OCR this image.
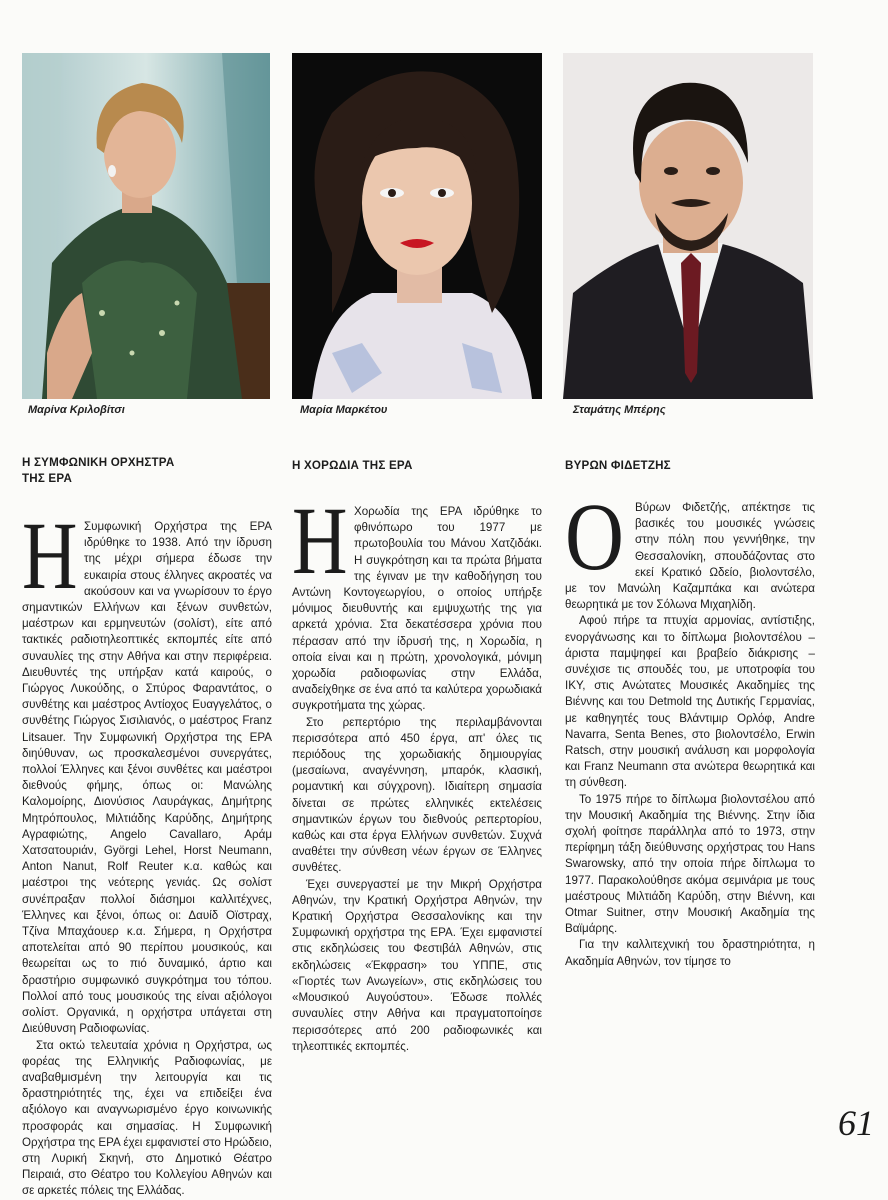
Μαρίνα Κριλοβίτσι	Μαρία Μαρκέτου	Σταμάτης Μπέρης
Η ΣΥΜΦΩΝΙΚΗ ΟΡΧΗΣΤΡΑ
ΤΗΣ ΕΡΑ

Η Συμφωνική Ορχήστρα της ΕΡΑ ιδρύθηκε το 1938. Από την ίδρυση της μέχρι σήμερα έδωσε την ευκαιρία στους έλληνες ακροατές να ακούσουν και να γνωρίσουν το έργο σημαντικών Ελλήνων και ξένων συνθετών, μαέστρων και ερμηνευτών (σολίστ), είτε από τακτικές ραδιοτηλεοπτικές εκπομπές είτε από συναυλίες της στην Αθήνα και στην περιφέρεια. Διευθυντές της υπήρξαν κατά καιρούς, ο Γιώργος Λυκούδης, ο Σπύρος Φαραντάτος, ο συνθέτης και μαέστρος Αντίοχος Ευαγγελάτος, ο συνθέτης Γιώργος Σισιλιανός, ο μαέστρος Franz Litsauer. Την Συμφωνική Ορχήστρα της ΕΡΑ διηύθυναν, ως προσκαλεσμένοι συνεργάτες, πολλοί Έλληνες και ξένοι συνθέτες και μαέστροι διεθνούς φήμης, όπως οι: Μανώλης Καλομοίρης, Διονύσιος Λαυράγκας, Δημήτρης Μητρόπουλος, Μιλτιάδης Καρύδης, Δημήτρης Αγραφιώτης, Angelo Cavallaro, Αράμ Χατσατουριάν, Györgi Lehel, Horst Neumann, Anton Nanut, Rolf Reuter κ.α. καθώς και μαέστροι της νεότερης γενιάς. Ως σολίστ συνέπραξαν πολλοί διάσημοι καλλιτέχνες, Έλληνες και ξένοι, όπως οι: Δαυίδ Οϊστραχ, Τζίνα Μπαχάουερ κ.α. Σήμερα, η Ορχήστρα αποτελείται από 90 περίπου μουσικούς, και θεωρείται ως το πιό δυναμικό, άρτιο και δραστήριο συμφωνικό συγκρότημα του τόπου. Πολλοί από τους μουσικούς της είναι αξιόλογοι σολίστ. Οργανικά, η ορχήστρα υπάγεται στη Διεύθυνση Ραδιοφωνίας.

Στα οκτώ τελευταία χρόνια η Ορχήστρα, ως φορέας της Ελληνικής Ραδιοφωνίας, με αναβαθμισμένη την λειτουργία και τις δραστηριότητές της, έχει να επιδείξει ένα αξιόλογο και αναγνωρισμένο έργο κοινωνικής προσφοράς και σημασίας. Η Συμφωνική Ορχήστρα της ΕΡΑ έχει εμφανιστεί στο Ηρώδειο, στη Λυρική Σκηνή, στο Δημοτικό Θέατρο Πειραιά, στο Θέατρο του Κολλεγίου Αθηνών και σε αρκετές πόλεις της Ελλάδας.

Η ΧΟΡΩΔΙΑ ΤΗΣ ΕΡΑ

Η Χορωδία της ΕΡΑ ιδρύθηκε το φθινόπωρο του 1977 με πρωτοβουλία του Μάνου Χατζιδάκι. Η συγκρότηση και τα πρώτα βήματα της έγιναν με την καθοδήγηση του Αντώνη Κοντογεωργίου, ο οποίος υπήρξε μόνιμος διευθυντής και εμψυχωτής της για αρκετά χρόνια. Στα δεκατέσσερα χρόνια που πέρασαν από την ίδρυσή της, η Χορωδία, η οποία είναι και η πρώτη, χρονολογικά, μόνιμη χορωδία ραδιοφωνίας στην Ελλάδα, αναδείχθηκε σε ένα από τα καλύτερα χορωδιακά συγκροτήματα της χώρας.

Στο ρεπερτόριο της περιλαμβάνονται περισσότερα από 450 έργα, απ' όλες τις περιόδους της χορωδιακής δημιουργίας (μεσαίωνα, αναγέννηση, μπαρόκ, κλασική, ρομαντική και σύγχρονη). Ιδιαίτερη σημασία δίνεται σε πρώτες ελληνικές εκτελέσεις σημαντικών έργων του διεθνούς ρεπερτορίου, καθώς και στα έργα Ελλήνων συνθετών. Συχνά αναθέτει την σύνθεση νέων έργων σε Έλληνες συνθέτες.

Έχει συνεργαστεί με την Μικρή Ορχήστρα Αθηνών, την Κρατική Ορχήστρα Αθηνών, την Κρατική Ορχήστρα Θεσσαλονίκης και την Συμφωνική ορχήστρα της ΕΡΑ. Έχει εμφανιστεί στις εκδηλώσεις του Φεστιβάλ Αθηνών, στις εκδηλώσεις «Έκφραση» του ΥΠΠΕ, στις «Γιορτές των Ανωγείων», στις εκδηλώσεις του «Μουσικού Αυγούστου». Έδωσε πολλές συναυλίες στην Αθήνα και πραγματοποίησε περισσότερες από 200 ραδιοφωνικές και τηλεοπτικές εκπομπές.

ΒΥΡΩΝ ΦΙΔΕΤΖΗΣ

Ο Βύρων Φιδετζής, απέκτησε τις βασικές του μουσικές γνώσεις στην πόλη που γεννήθηκε, την Θεσσαλονίκη, σπουδάζοντας στο εκεί Κρατικό Ωδείο, βιολοντσέλο, με τον Μανώλη Καζαμπάκα και ανώτερα θεωρητικά με τον Σόλωνα Μιχαηλίδη.

Αφού πήρε τα πτυχία αρμονίας, αντίστιξης, ενοργάνωσης και το δίπλωμα βιολοντσέλου – άριστα παμψηφεί και βραβείο διάκρισης – συνέχισε τις σπουδές του, με υποτροφία του ΙΚΥ, στις Ανώτατες Μουσικές Ακαδημίες της Βιέννης και του Detmold της Δυτικής Γερμανίας, με καθηγητές τους Βλάντιμιρ Ορλόφ, Andre Navarra, Senta Benes, στο βιολοντσέλο, Erwin Ratsch, στην μουσική ανάλυση και μορφολογία και Franz Neumann στα ανώτερα θεωρητικά και τη σύνθεση.

Το 1975 πήρε το δίπλωμα βιολοντσέλου από την Μουσική Ακαδημία της Βιέννης. Στην ίδια σχολή φοίτησε παράλληλα από το 1973, στην περίφημη τάξη διεύθυνσης ορχήστρας του Hans Swarowsky, από την οποία πήρε δίπλωμα το 1977. Παρακολούθησε ακόμα σεμινάρια με τους μαέστρους Μιλτιάδη Καρύδη, στην Βιέννη, και Otmar Suitner, στην Μουσική Ακαδημία της Βαϊμάρης.

Για την καλλιτεχνική του δραστηριότητα, η Ακαδημία Αθηνών, τον τίμησε το

61
